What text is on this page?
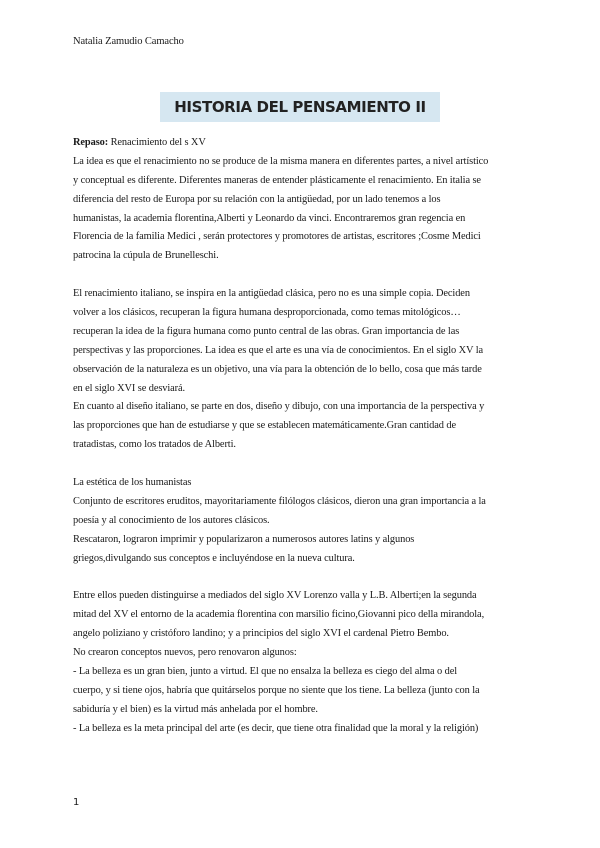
Natalia Zamudio Camacho
HISTORIA DEL PENSAMIENTO II
Repaso: Renacimiento del s XV
La idea es que el renacimiento no se produce de la misma manera en diferentes partes, a nivel artístico
y conceptual es diferente. Diferentes maneras de entender plásticamente el renacimiento. En italia se
diferencia del resto de Europa por su relación con la antigüedad, por un lado tenemos a los
humanistas, la academia florentina,Alberti y Leonardo da vinci. Encontraremos gran regencia en
Florencia de la familia Medici , serán protectores y promotores de artistas, escritores ;Cosme Medici
patrocina la cúpula de Brunelleschi.
El renacimiento italiano, se inspira en la antigüedad clásica, pero no es una simple copia. Deciden
volver a los clásicos, recuperan la figura humana desproporcionada, como temas mitológicos…
recuperan la idea de la figura humana como punto central de las obras. Gran importancia de las
perspectivas y las proporciones. La idea es que el arte es una vía de conocimientos. En el siglo XV la
observación de la naturaleza es un objetivo, una vía para la obtención de lo bello, cosa que más tarde
en el siglo XVI se desviará.
En cuanto al diseño italiano, se parte en dos, diseño y dibujo, con una importancia de la perspectiva y
las proporciones que han de estudiarse y que se establecen matemáticamente.Gran cantidad de
tratadistas, como los tratados de Alberti.
La estética de los humanistas
Conjunto de escritores eruditos, mayoritariamente filólogos clásicos, dieron una gran importancia a la
poesía y al conocimiento de los autores clásicos.
Rescataron, lograron imprimir y popularizaron a numerosos autores latins y algunos
griegos,divulgando sus conceptos e incluyéndose en la nueva cultura.
Entre ellos pueden distinguirse a mediados del siglo XV Lorenzo valla y L.B. Alberti;en la segunda
mitad del XV el entorno de la academia florentina con marsilio ficino,Giovanni pico della mirandola,
angelo poliziano y cristóforo landino; y a principios del siglo XVI el cardenal Pietro Bembo.
No crearon conceptos nuevos, pero renovaron algunos:
- La belleza es un gran bien, junto a virtud. El que no ensalza la belleza es ciego del alma o del
cuerpo, y si tiene ojos, habría que quitárselos porque no siente que los tiene. La belleza (junto con la
sabiduría y el bien) es la virtud más anhelada por el hombre.
- La belleza es la meta principal del arte (es decir, que tiene otra finalidad que la moral y la religión)
1
